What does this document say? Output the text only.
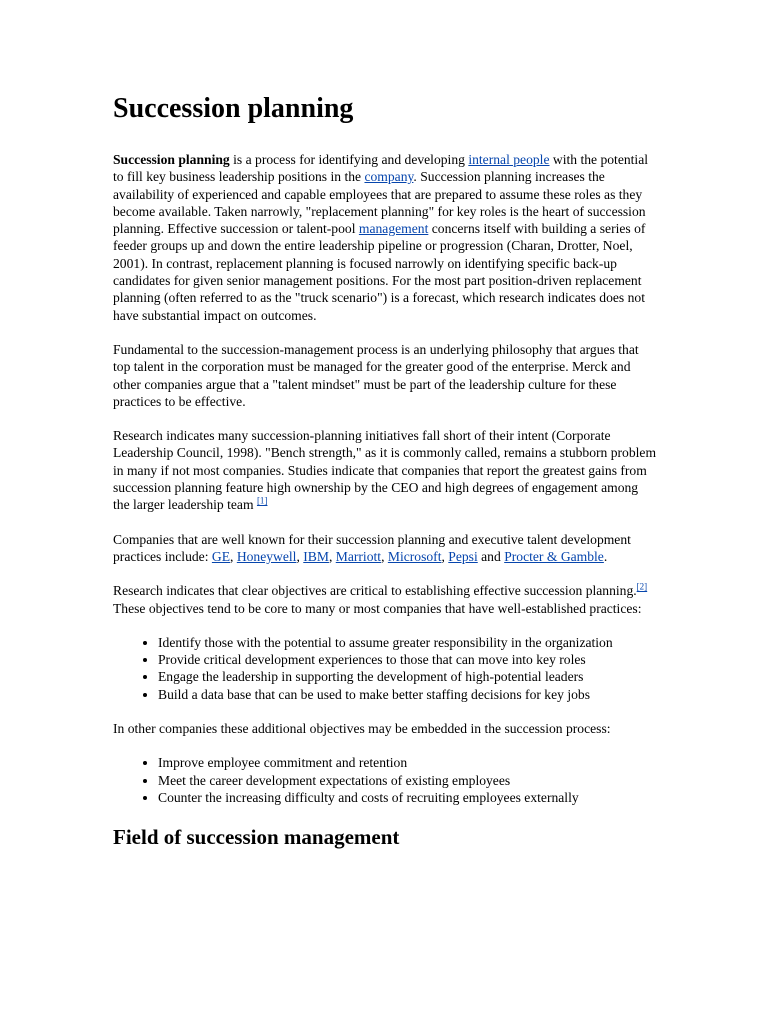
Succession planning

Succession planning is a process for identifying and developing internal people with the potential to fill key business leadership positions in the company. Succession planning increases the availability of experienced and capable employees that are prepared to assume these roles as they become available. Taken narrowly, "replacement planning" for key roles is the heart of succession planning. Effective succession or talent-pool management concerns itself with building a series of feeder groups up and down the entire leadership pipeline or progression (Charan, Drotter, Noel, 2001). In contrast, replacement planning is focused narrowly on identifying specific back-up candidates for given senior management positions. For the most part position-driven replacement planning (often referred to as the "truck scenario") is a forecast, which research indicates does not have substantial impact on outcomes.

Fundamental to the succession-management process is an underlying philosophy that argues that top talent in the corporation must be managed for the greater good of the enterprise. Merck and other companies argue that a "talent mindset" must be part of the leadership culture for these practices to be effective.

Research indicates many succession-planning initiatives fall short of their intent (Corporate Leadership Council, 1998). "Bench strength," as it is commonly called, remains a stubborn problem in many if not most companies. Studies indicate that companies that report the greatest gains from succession planning feature high ownership by the CEO and high degrees of engagement among the larger leadership team [1]

Companies that are well known for their succession planning and executive talent development practices include: GE, Honeywell, IBM, Marriott, Microsoft, Pepsi and Procter & Gamble.

Research indicates that clear objectives are critical to establishing effective succession planning.[2] These objectives tend to be core to many or most companies that have well-established practices:

• Identify those with the potential to assume greater responsibility in the organization
• Provide critical development experiences to those that can move into key roles
• Engage the leadership in supporting the development of high-potential leaders
• Build a data base that can be used to make better staffing decisions for key jobs

In other companies these additional objectives may be embedded in the succession process:

• Improve employee commitment and retention
• Meet the career development expectations of existing employees
• Counter the increasing difficulty and costs of recruiting employees externally
Field of succession management
